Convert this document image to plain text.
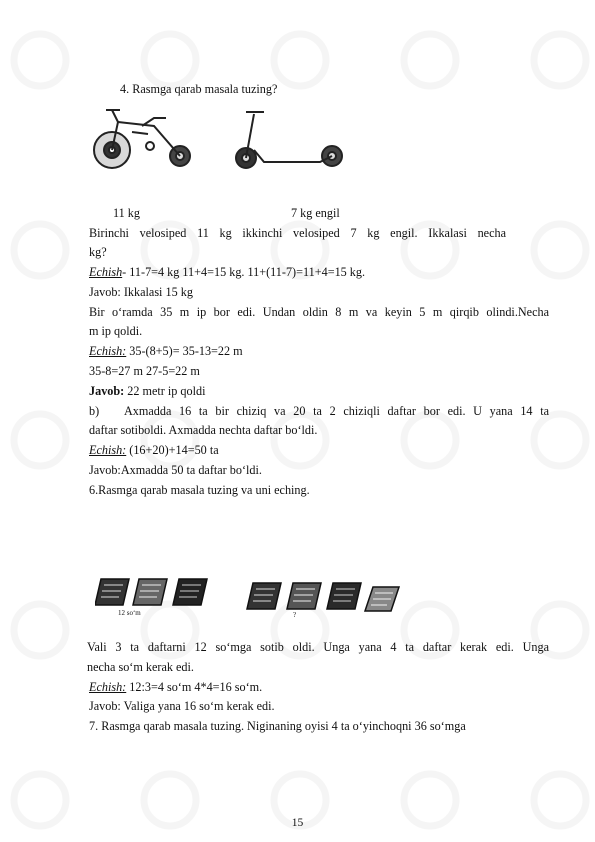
4. Rasmga qarab masala tuzing?
11 kg	7 kg engil
Birinchi velosiped 11 kg ikkinchi velosiped 7 kg engil. Ikkalasi necha
kg?
Echish- 11-7=4 kg 11+4=15 kg. 11+(11-7)=11+4=15 kg.
Javob: Ikkalasi 15 kg
Bir o‘ramda 35 m ip bor edi. Undan oldin 8 m va keyin 5 m qirqib olindi.Necha
m ip qoldi.
Echish: 35-(8+5)= 35-13=22 m
35-8=27 m 27-5=22 m
Javob: 22 metr ip qoldi
b) Axmadda 16 ta bir chiziq va 20 ta 2 chiziqli daftar bor edi. U yana 14 ta
daftar sotiboldi. Axmadda nechta daftar bo‘ldi.
Echish: (16+20)+14=50 ta
Javob:Axmadda 50 ta daftar bo‘ldi.
6.Rasmga qarab masala tuzing va uni eching.
12 so‘m	?
Vali 3 ta daftarni 12 so‘mga sotib oldi. Unga yana 4 ta daftar kerak edi. Unga
necha so‘m kerak edi.
Echish: 12:3=4 so‘m 4*4=16 so‘m.
Javob: Valiga yana 16 so‘m kerak edi.
7. Rasmga qarab masala tuzing. Niginaning oyisi 4 ta o‘yinchoqni 36 so‘mga
15
